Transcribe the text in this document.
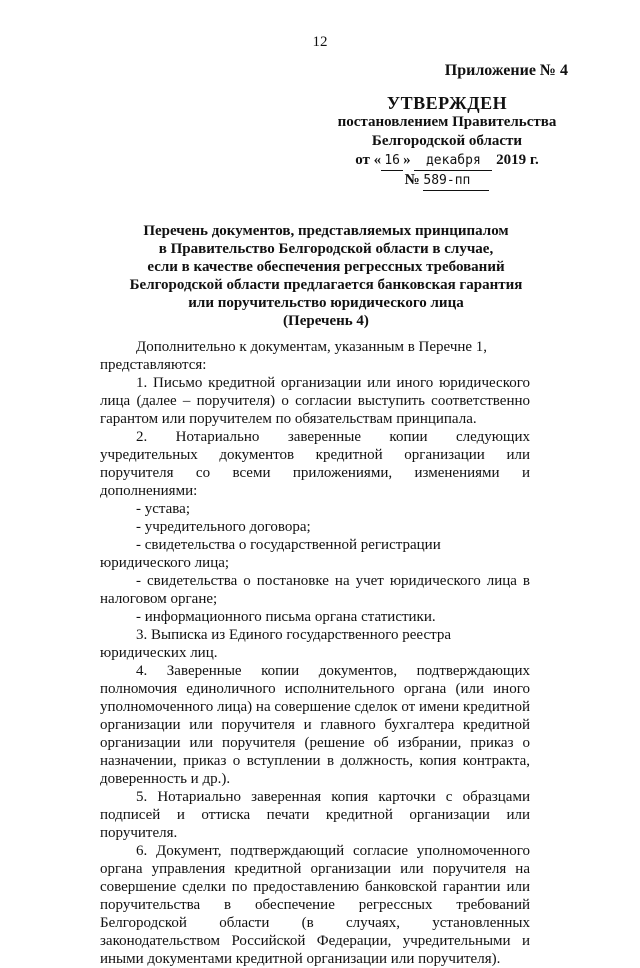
12
Приложение № 4
УТВЕРЖДЕН
постановлением Правительства
Белгородской области
от « 16 » декабря 2019 г.
№ 589-пп
Перечень документов, представляемых принципалом
в Правительство Белгородской области в случае,
если в качестве обеспечения регрессных требований
Белгородской области предлагается банковская гарантия
или поручительство юридического лица
(Перечень 4)

Дополнительно к документам, указанным в Перечне 1, представляются:

1. Письмо кредитной организации или иного юридического лица (далее – поручителя) о согласии выступить соответственно гарантом или поручителем по обязательствам принципала.

2. Нотариально заверенные копии следующих учредительных документов кредитной организации или поручителя со всеми приложениями, изменениями и дополнениями:

- устава;

- учредительного договора;

- свидетельства о государственной регистрации юридического лица;

- свидетельства о постановке на учет юридического лица в налоговом органе;

- информационного письма органа статистики.

3. Выписка из Единого государственного реестра юридических лиц.

4. Заверенные копии документов, подтверждающих полномочия единоличного исполнительного органа (или иного уполномоченного лица) на совершение сделок от имени кредитной организации или поручителя и главного бухгалтера кредитной организации или поручителя (решение об избрании, приказ о назначении, приказ о вступлении в должность, копия контракта, доверенность и др.).

5. Нотариально заверенная копия карточки с образцами подписей и оттиска печати кредитной организации или поручителя.

6. Документ, подтверждающий согласие уполномоченного органа управления кредитной организации или поручителя на совершение сделки по предоставлению банковской гарантии или поручительства в обеспечение регрессных требований Белгородской области (в случаях, установленных законодательством Российской Федерации, учредительными и иными документами кредитной организации или поручителя).
